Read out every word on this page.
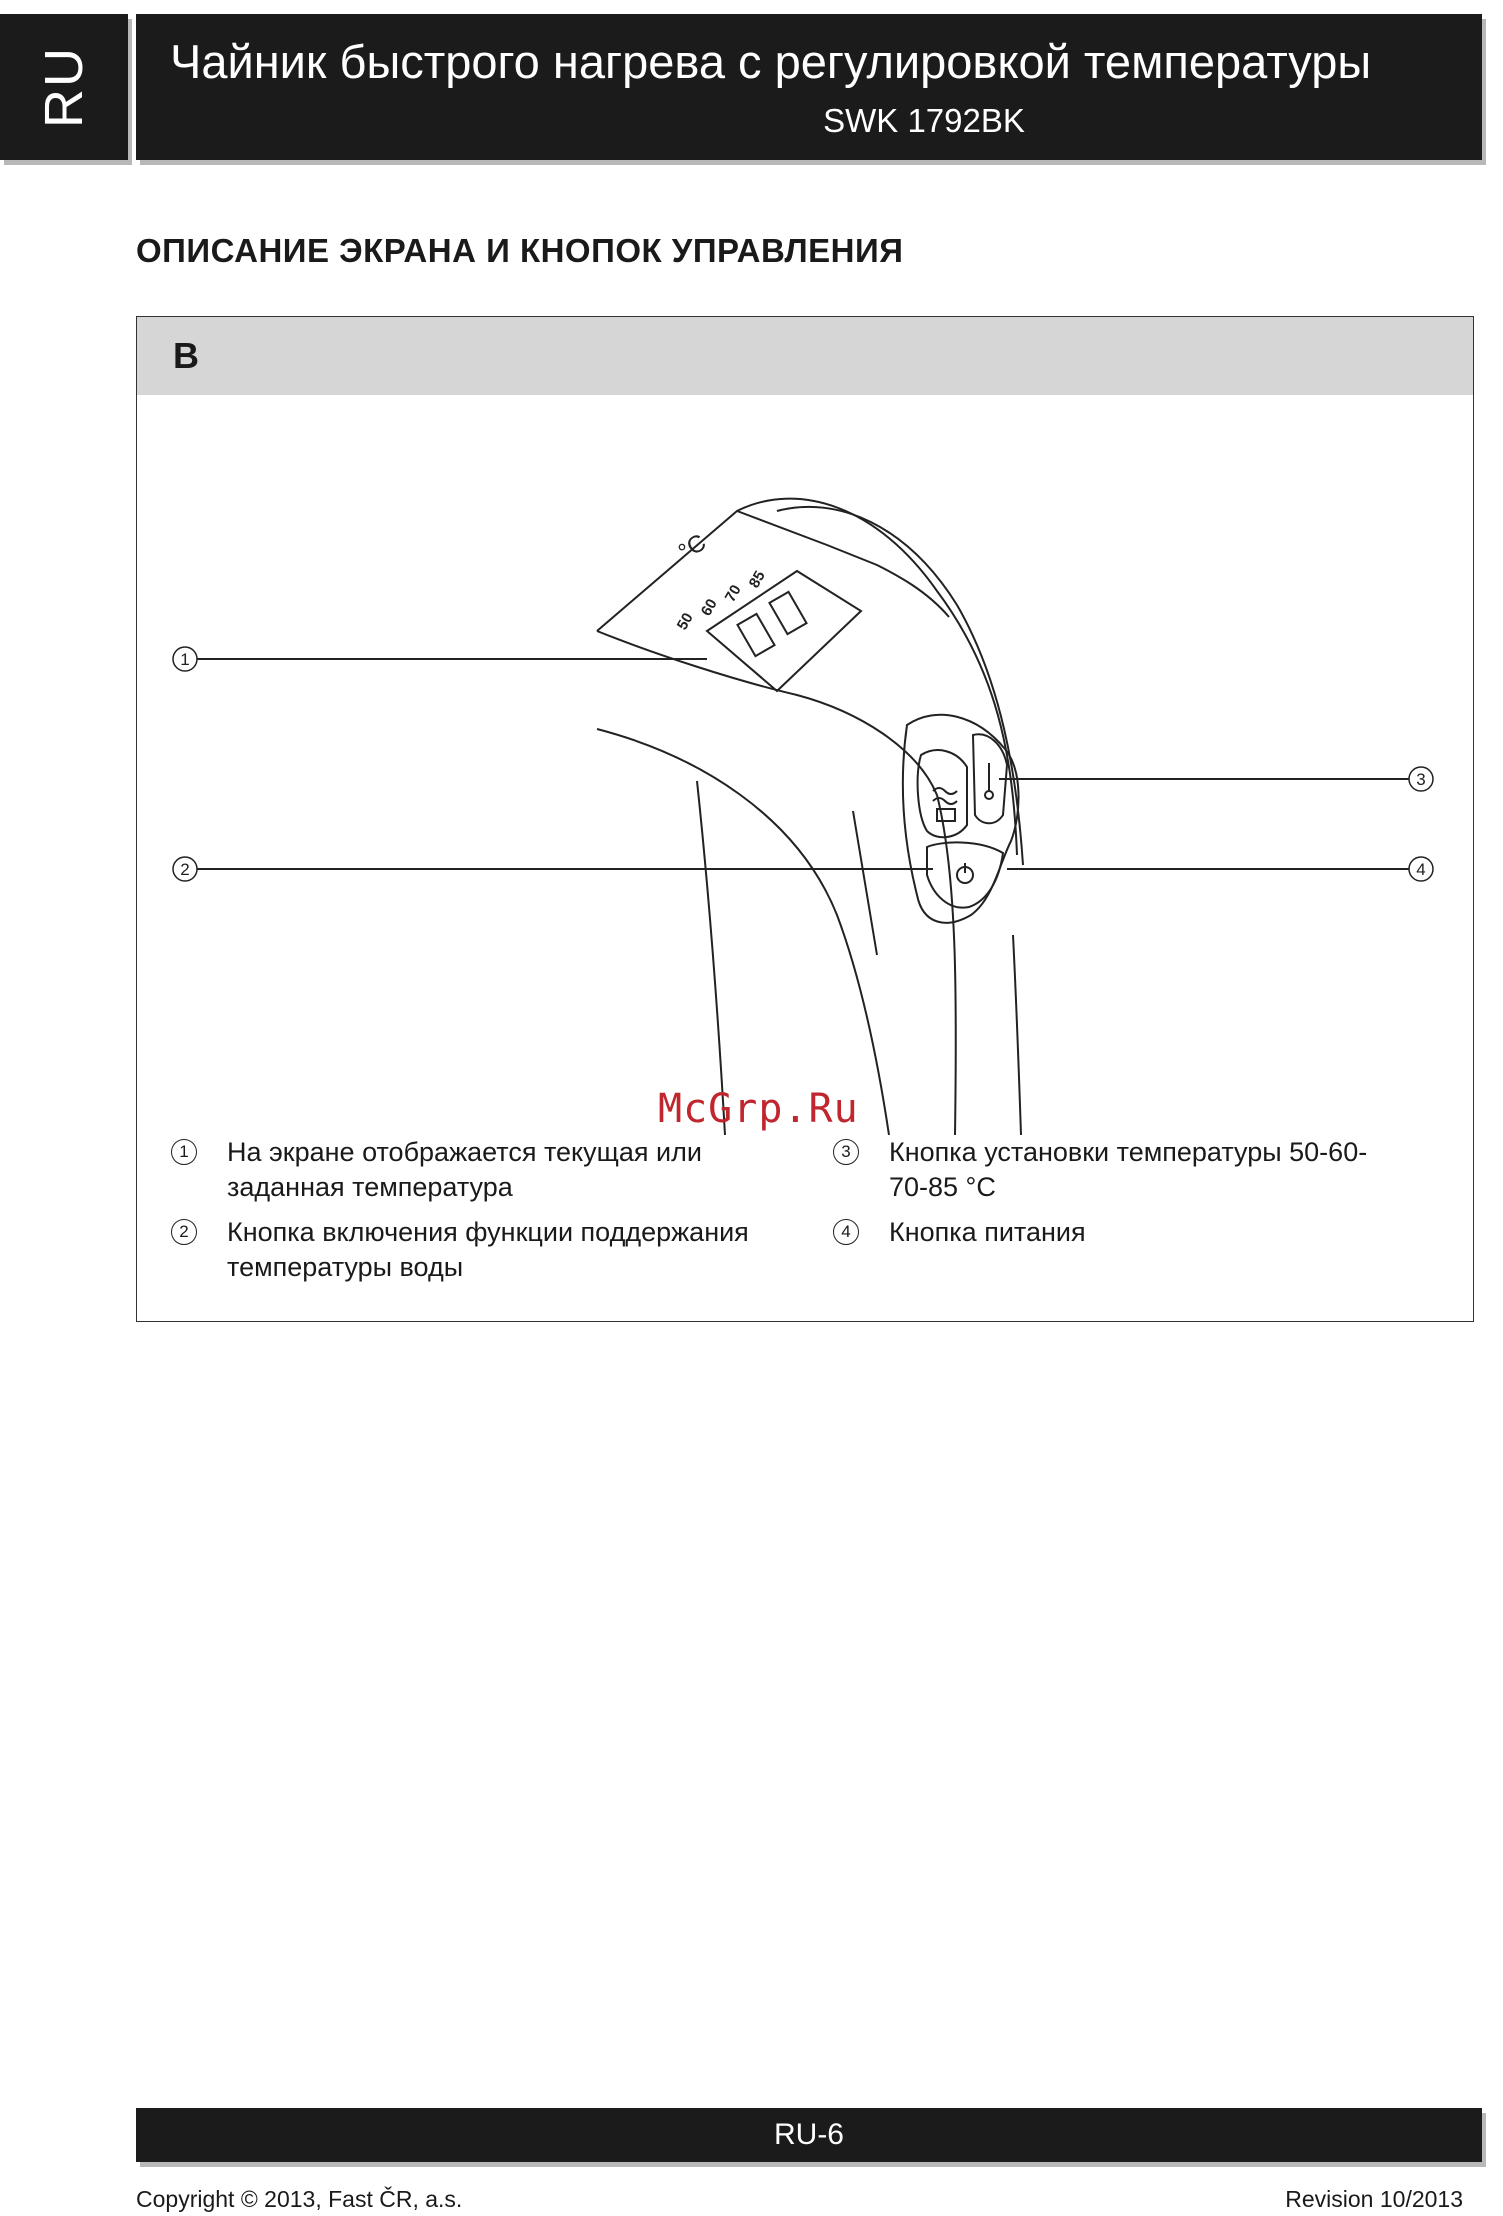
RU Чайник быстрого нагрева с регулировкой температуры
SWK 1792BK
ОПИСАНИЕ ЭКРАНА И КНОПОК УПРАВЛЕНИЯ
B
°C
50
60
70
85
1
2
3
4
1	На экране отображается текущая или заданная температура
2	Кнопка включения функции поддержания температуры воды
3	Кнопка установки температуры 50-60-70-85 °C
4	Кнопка питания
McGrp.Ru
RU-6
Copyright © 2013, Fast ČR, a.s.	Revision 10/2013
